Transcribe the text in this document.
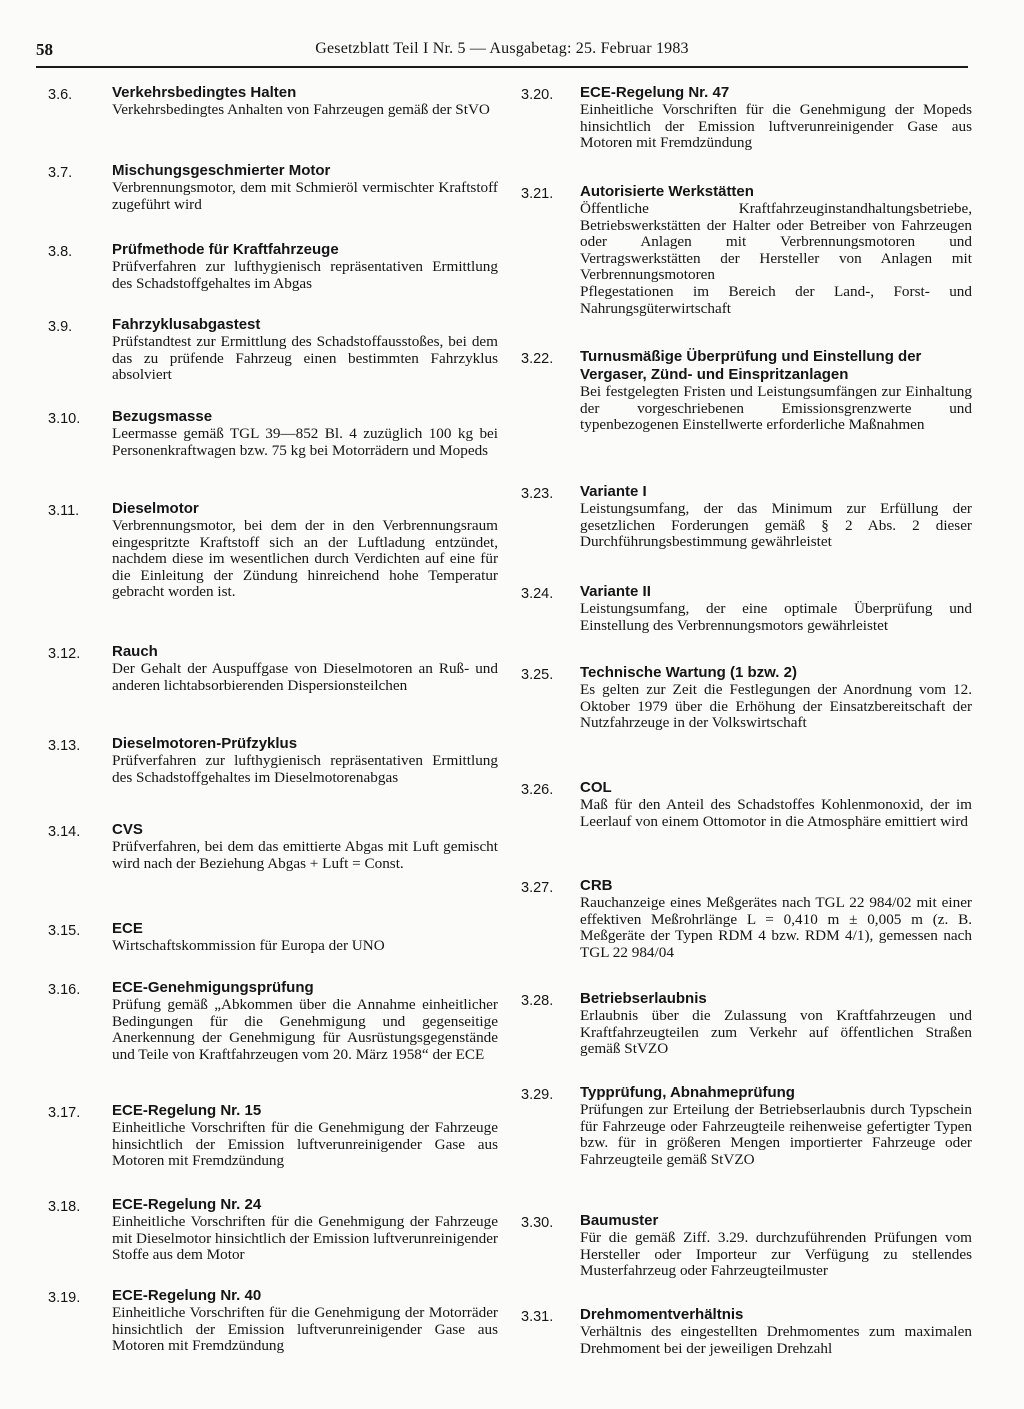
58	Gesetzblatt Teil I Nr. 5 — Ausgabetag: 25. Februar 1983
3.6.	Verkehrsbedingtes Halten

Verkehrsbedingtes Anhalten von Fahrzeugen gemäß der StVO

3.7.	Mischungsgeschmierter Motor

Verbrennungsmotor, dem mit Schmieröl vermischter Kraftstoff zugeführt wird

3.8.	Prüfmethode für Kraftfahrzeuge

Prüfverfahren zur lufthygienisch repräsentativen Ermittlung des Schadstoffgehaltes im Abgas

3.9.	Fahrzyklusabgastest

Prüfstandtest zur Ermittlung des Schadstoffausstoßes, bei dem das zu prüfende Fahrzeug einen bestimmten Fahrzyklus absolviert

3.10. Bezugsmasse

Leermasse gemäß TGL 39—852 Bl. 4 zuzüglich 100 kg bei Personenkraftwagen bzw. 75 kg bei Motorrädern und Mopeds

3.11. Dieselmotor

Verbrennungsmotor, bei dem der in den Verbrennungsraum eingespritzte Kraftstoff sich an der Luftladung entzündet, nachdem diese im wesentlichen durch Verdichten auf eine für die Einleitung der Zündung hinreichend hohe Temperatur gebracht worden ist.

3.12. Rauch

Der Gehalt der Auspuffgase von Dieselmotoren an Ruß- und anderen lichtabsorbierenden Dispersionsteilchen

3.13. Dieselmotoren-Prüfzyklus

Prüfverfahren zur lufthygienisch repräsentativen Ermittlung des Schadstoffgehaltes im Dieselmotorenabgas

3.14. CVS

Prüfverfahren, bei dem das emittierte Abgas mit Luft gemischt wird nach der Beziehung Abgas + Luft = Const.

3.15. ECE

Wirtschaftskommission für Europa der UNO

3.16. ECE-Genehmigungsprüfung

Prüfung gemäß „Abkommen über die Annahme einheitlicher Bedingungen für die Genehmigung und gegenseitige Anerkennung der Genehmigung für Ausrüstungsgegenstände und Teile von Kraftfahrzeugen vom 20. März 1958“ der ECE

3.17. ECE-Regelung Nr. 15

Einheitliche Vorschriften für die Genehmigung der Fahrzeuge hinsichtlich der Emission luftverunreinigender Gase aus Motoren mit Fremdzündung

3.18. ECE-Regelung Nr. 24

Einheitliche Vorschriften für die Genehmigung der Fahrzeuge mit Dieselmotor hinsichtlich der Emission luftverunreinigender Stoffe aus dem Motor

3.19. ECE-Regelung Nr. 40

Einheitliche Vorschriften für die Genehmigung der Motorräder hinsichtlich der Emission luftverunreinigender Gase aus Motoren mit Fremdzündung

3.20. ECE-Regelung Nr. 47

Einheitliche Vorschriften für die Genehmigung der Mopeds hinsichtlich der Emission luftverunreinigender Gase aus Motoren mit Fremdzündung

3.21. Autorisierte Werkstätten

Öffentliche Kraftfahrzeuginstandhaltungsbetriebe, Betriebswerkstätten der Halter oder Betreiber von Fahrzeugen oder Anlagen mit Verbrennungsmotoren und Vertragswerkstätten der Hersteller von Anlagen mit Verbrennungsmotoren

Pflegestationen im Bereich der Land-, Forst- und Nahrungsgüterwirtschaft

3.22. Turnusmäßige Überprüfung und Einstellung der Vergaser, Zünd- und Einspritzanlagen

Bei festgelegten Fristen und Leistungsumfängen zur Einhaltung der vorgeschriebenen Emissionsgrenzwerte und typenbezogenen Einstellwerte erforderliche Maßnahmen

3.23. Variante I

Leistungsumfang, der das Minimum zur Erfüllung der gesetzlichen Forderungen gemäß § 2 Abs. 2 dieser Durchführungsbestimmung gewährleistet

3.24. Variante II

Leistungsumfang, der eine optimale Überprüfung und Einstellung des Verbrennungsmotors gewährleistet

3.25. Technische Wartung (1 bzw. 2)

Es gelten zur Zeit die Festlegungen der Anordnung vom 12. Oktober 1979 über die Erhöhung der Einsatzbereitschaft der Nutzfahrzeuge in der Volkswirtschaft

3.26. COL

Maß für den Anteil des Schadstoffes Kohlenmonoxid, der im Leerlauf von einem Ottomotor in die Atmosphäre emittiert wird

3.27. CRB

Rauchanzeige eines Meßgerätes nach TGL 22 984/02 mit einer effektiven Meßrohrlänge L = 0,410 m ± 0,005 m (z. B. Meßgeräte der Typen RDM 4 bzw. RDM 4/1), gemessen nach TGL 22 984/04

3.28. Betriebserlaubnis

Erlaubnis über die Zulassung von Kraftfahrzeugen und Kraftfahrzeugteilen zum Verkehr auf öffentlichen Straßen gemäß StVZO

3.29. Typprüfung, Abnahmeprüfung

Prüfungen zur Erteilung der Betriebserlaubnis durch Typschein für Fahrzeuge oder Fahrzeugteile reihenweise gefertigter Typen bzw. für in größeren Mengen importierter Fahrzeuge oder Fahrzeugteile gemäß StVZO

3.30. Baumuster

Für die gemäß Ziff. 3.29. durchzuführenden Prüfungen vom Hersteller oder Importeur zur Verfügung zu stellendes Musterfahrzeug oder Fahrzeugteilmuster

3.31. Drehmomentverhältnis

Verhältnis des eingestellten Drehmomentes zum maximalen Drehmoment bei der jeweiligen Drehzahl
